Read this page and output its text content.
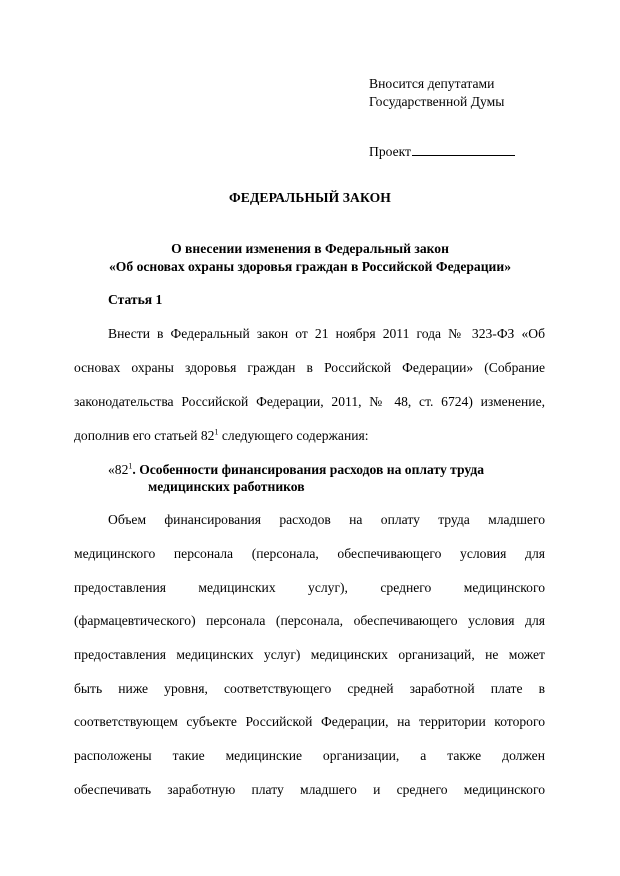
Вносится депутатами
Государственной Думы
Проект
ФЕДЕРАЛЬНЫЙ ЗАКОН
О внесении изменения в Федеральный закон
«Об основах охраны здоровья граждан в Российской Федерации»
Статья 1
Внести в Федеральный закон от 21 ноября 2011 года № 323-ФЗ «Об
основах охраны здоровья граждан в Российской Федерации» (Собрание
законодательства Российской Федерации, 2011, № 48, ст. 6724) изменение,
дополнив его статьей $82^1$ следующего содержания:
«$82^1$. Особенности финансирования расходов на оплату труда
медицинских работников
Объем финансирования расходов на оплату труда младшего
медицинского персонала (персонала, обеспечивающего условия для
предоставления медицинских услуг), среднего медицинского
(фармацевтического) персонала (персонала, обеспечивающего условия для
предоставления медицинских услуг) медицинских организаций, не может
быть ниже уровня, соответствующего средней заработной плате в
соответствующем субъекте Российской Федерации, на территории которого
расположены такие медицинские организации, а также должен
обеспечивать заработную плату младшего и среднего медицинского
